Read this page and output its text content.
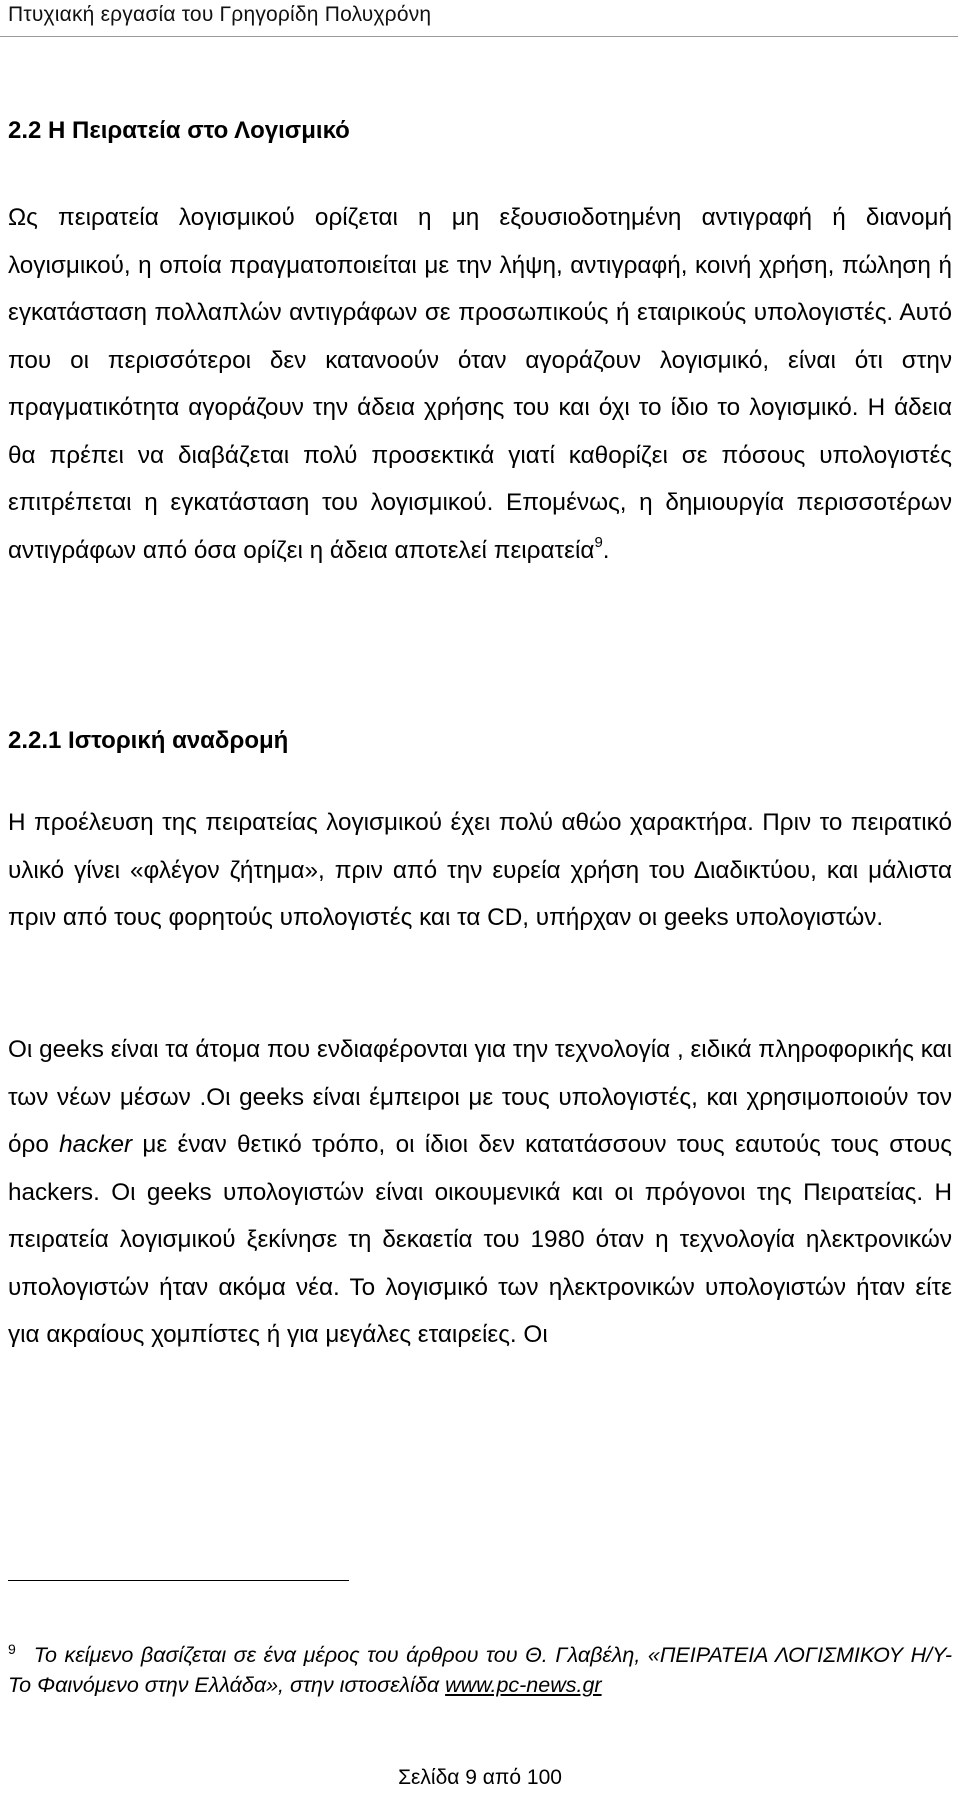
Πτυχιακή εργασία του Γρηγορίδη Πολυχρόνη
2.2 Η Πειρατεία στο Λογισμικό

Ως πειρατεία λογισμικού ορίζεται η μη εξουσιοδοτημένη αντιγραφή ή διανομή λογισμικού, η οποία πραγματοποιείται με την λήψη, αντιγραφή, κοινή χρήση, πώληση ή εγκατάσταση πολλαπλών αντιγράφων σε προσωπικούς ή εταιρικούς υπολογιστές. Αυτό που οι περισσότεροι δεν κατανοούν όταν αγοράζουν λογισμικό, είναι ότι στην πραγματικότητα αγοράζουν την άδεια χρήσης του και όχι το ίδιο το λογισμικό. Η άδεια θα πρέπει να διαβάζεται πολύ προσεκτικά γιατί καθορίζει σε πόσους υπολογιστές επιτρέπεται η εγκατάσταση του λογισμικού. Επομένως, η δημιουργία περισσοτέρων αντιγράφων από όσα ορίζει η άδεια αποτελεί πειρατεία$^9$.

2.2.1 Ιστορική αναδρομή

Η προέλευση της πειρατείας λογισμικού έχει πολύ αθώο χαρακτήρα. Πριν το πειρατικό υλικό γίνει «φλέγον ζήτημα», πριν από την ευρεία χρήση του Διαδικτύου, και μάλιστα πριν από τους φορητούς υπολογιστές και τα CD, υπήρχαν οι geeks υπολογιστών.

Οι geeks είναι τα άτομα που ενδιαφέρονται για την τεχνολογία , ειδικά πληροφορικής και των νέων μέσων .Οι geeks είναι έμπειροι με τους υπολογιστές, και χρησιμοποιούν τον όρο hacker με έναν θετικό τρόπο, οι ίδιοι δεν κατατάσσουν τους εαυτούς τους στους hackers. Οι geeks υπολογιστών είναι οικουμενικά και οι πρόγονοι της Πειρατείας. Η πειρατεία λογισμικού ξεκίνησε τη δεκαετία του 1980 όταν η τεχνολογία ηλεκτρονικών υπολογιστών ήταν ακόμα νέα. Το λογισμικό των ηλεκτρονικών υπολογιστών ήταν είτε για ακραίους χομπίστες ή για μεγάλες εταιρείες. Οι

$^9$ Το κείμενο βασίζεται σε ένα μέρος του άρθρου του Θ. Γλαβέλη, «ΠΕΙΡΑΤΕΙΑ ΛΟΓΙΣΜΙΚΟΥ Η/Υ-Το Φαινόμενο στην Ελλάδα», στην ιστοσελίδα www.pc-news.gr

Σελίδα 9 από 100
